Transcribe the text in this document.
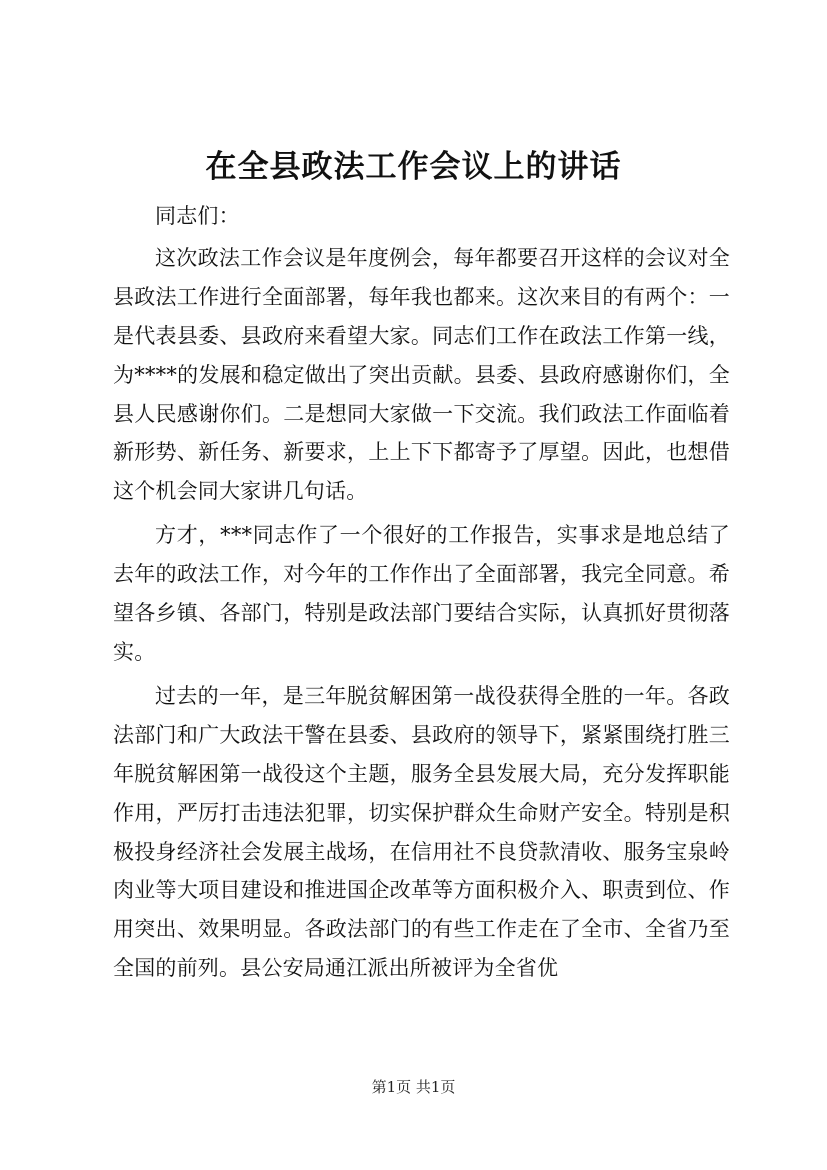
在全县政法工作会议上的讲话

同志们：

这次政法工作会议是年度例会，每年都要召开这样的会议对全县政法工作进行全面部署，每年我也都来。这次来目的有两个：一是代表县委、县政府来看望大家。同志们工作在政法工作第一线，为****的发展和稳定做出了突出贡献。县委、县政府感谢你们，全县人民感谢你们。二是想同大家做一下交流。我们政法工作面临着新形势、新任务、新要求，上上下下都寄予了厚望。因此，也想借这个机会同大家讲几句话。

方才，***同志作了一个很好的工作报告，实事求是地总结了去年的政法工作，对今年的工作作出了全面部署，我完全同意。希望各乡镇、各部门，特别是政法部门要结合实际，认真抓好贯彻落实。

过去的一年，是三年脱贫解困第一战役获得全胜的一年。各政法部门和广大政法干警在县委、县政府的领导下，紧紧围绕打胜三年脱贫解困第一战役这个主题，服务全县发展大局，充分发挥职能作用，严厉打击违法犯罪，切实保护群众生命财产安全。特别是积极投身经济社会发展主战场，在信用社不良贷款清收、服务宝泉岭肉业等大项目建设和推进国企改革等方面积极介入、职责到位、作用突出、效果明显。各政法部门的有些工作走在了全市、全省乃至全国的前列。县公安局通江派出所被评为全省优

第1页 共1页
